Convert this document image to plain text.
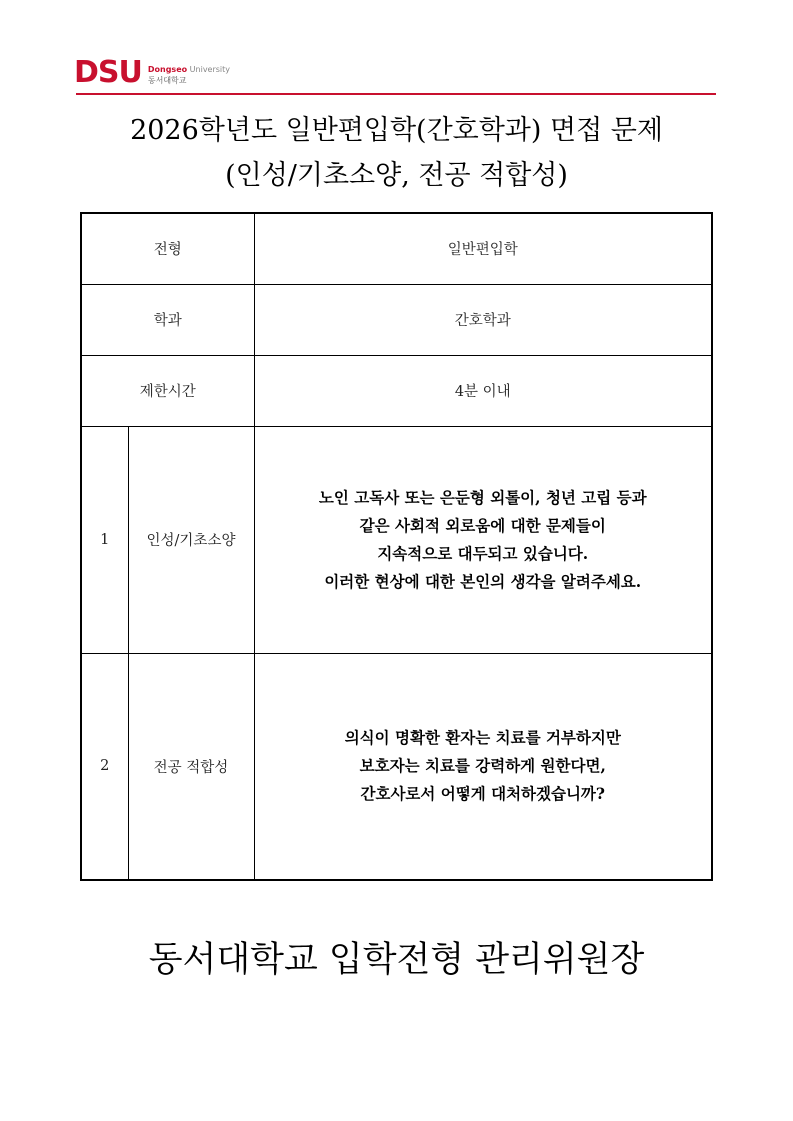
DSU Dongseo University
동서대학교
2026학년도 일반편입학(간호학과) 면접 문제
(인성/기초소양, 전공 적합성)
전형		일반편입학
학과		간호학과
제한시간		4분 이내
1	인성/기초소양	노인 고독사 또는 은둔형 외톨이, 청년 고립 등과
같은 사회적 외로움에 대한 문제들이
지속적으로 대두되고 있습니다.
이러한 현상에 대한 본인의 생각을 알려주세요.

2	전공 적합성	의식이 명확한 환자는 치료를 거부하지만
보호자는 치료를 강력하게 원한다면,
간호사로서 어떻게 대처하겠습니까?
동서대학교 입학전형 관리위원장
